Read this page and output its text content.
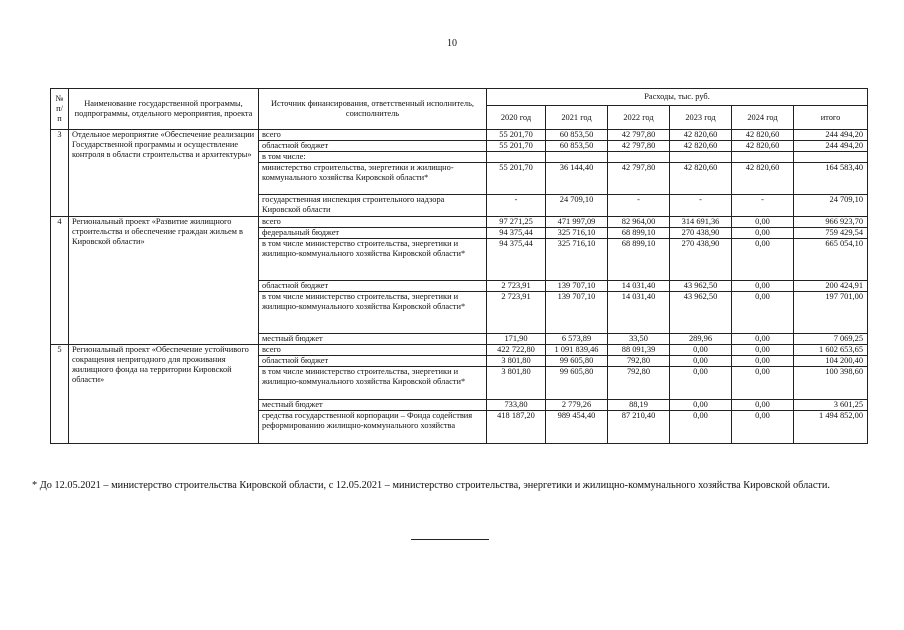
10
№ п/п	Наименование государственной программы, подпрограммы, отдельного мероприятия, проекта	Источник финансирования, ответственный исполнитель, соисполнитель	Расходы, тыс. руб.					
			2020 год	2021 год	2022 год	2023 год	2024 год	итого
3	Отдельное мероприятие «Обеспечение реализации Государственной программы и осуществление контроля в области строительства и архитектуры»	всего	55 201,70	60 853,50	42 797,80	42 820,60	42 820,60	244 494,20
		областной бюджет	55 201,70	60 853,50	42 797,80	42 820,60	42 820,60	244 494,20
		в том числе:						
		министерство строительства, энергетики и жилищно-коммунального хозяйства Кировской области*	55 201,70	36 144,40	42 797,80	42 820,60	42 820,60	164 583,40
		государственная инспекция строительного надзора Кировской области	-	24 709,10	-	-	-	24 709,10
4	Региональный проект «Развитие жилищного строительства и обеспечение граждан жильем в Кировской области»	всего	97 271,25	471 997,09	82 964,00	314 691,36	0,00	966 923,70
		федеральный бюджет	94 375,44	325 716,10	68 899,10	270 438,90	0,00	759 429,54
		в том числе министерство строительства, энергетики и жилищно-коммунального хозяйства Кировской области*	94 375,44	325 716,10	68 899,10	270 438,90	0,00	665 054,10
		областной бюджет	2 723,91	139 707,10	14 031,40	43 962,50	0,00	200 424,91
		в том числе министерство строительства, энергетики и жилищно-коммунального хозяйства Кировской области*	2 723,91	139 707,10	14 031,40	43 962,50	0,00	197 701,00
		местный бюджет	171,90	6 573,89	33,50	289,96	0,00	7 069,25
5	Региональный проект «Обеспечение устойчивого сокращения непригодного для проживания жилищного фонда на территории Кировской области»	всего	422 722,80	1 091 839,46	88 091,39	0,00	0,00	1 602 653,65
		областной бюджет	3 801,80	99 605,80	792,80	0,00	0,00	104 200,40
		в том числе министерство строительства, энергетики и жилищно-коммунального хозяйства Кировской области*	3 801,80	99 605,80	792,80	0,00	0,00	100 398,60
		местный бюджет	733,80	2 779,26	88,19	0,00	0,00	3 601,25
		средства государственной корпорации – Фонда содействия реформированию жилищно-коммунального хозяйства	418 187,20	989 454,40	87 210,40	0,00	0,00	1 494 852,00
* До 12.05.2021 – министерство строительства Кировской области, с 12.05.2021 – министерство строительства, энергетики и жилищно-коммунального хозяйства Кировской области.
